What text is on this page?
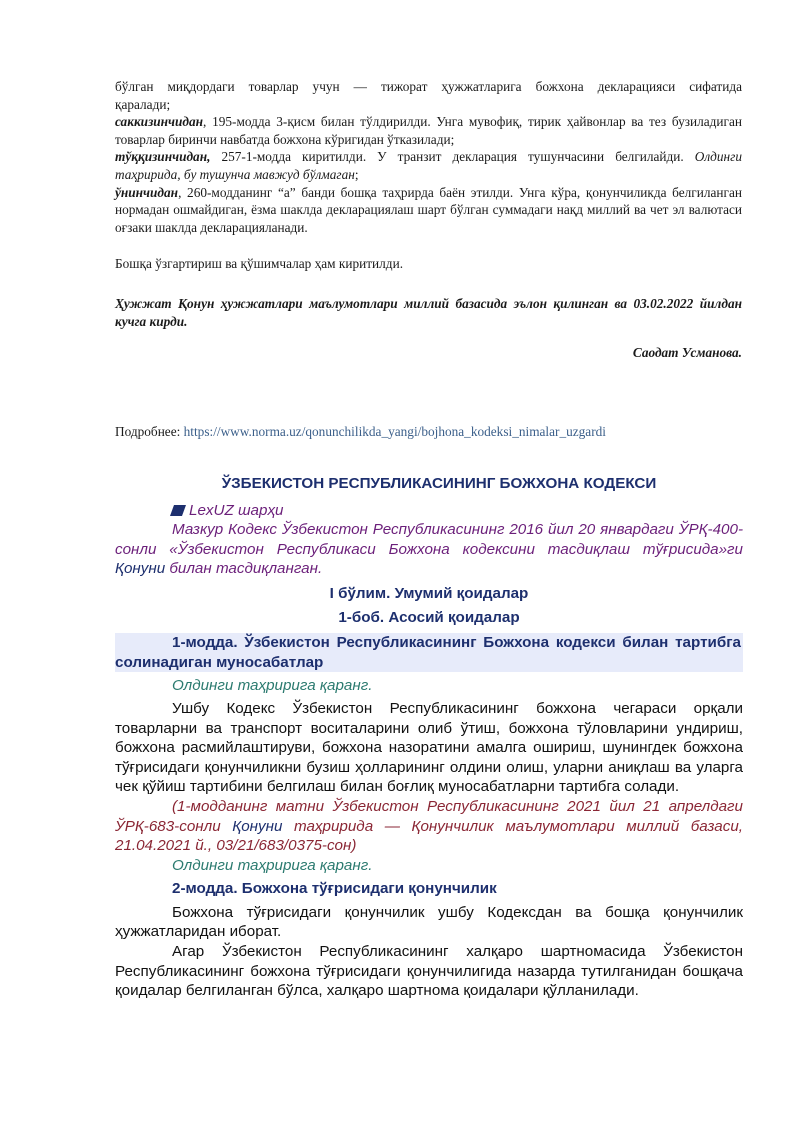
бўлган миқдордаги товарлар учун — тижорат ҳужжатларига божхона декларацияси сифатида

қаралади;

саккизинчидан, 195-модда 3-қисм билан тўлдирилди. Унга мувофиқ, тирик ҳайвонлар ва тез бузиладиган товарлар биринчи навбатда божхона кўригидан ўтказилади;

тўққизинчидан, 257-1-модда киритилди. У транзит декларация тушунчасини белгилайди. Олдинги таҳририда, бу тушунча мавжуд бўлмаган;

ўнинчидан, 260-модданинг “а” банди бошқа таҳрирда баён этилди. Унга кўра, қонунчиликда белгиланган нормадан ошмайдиган, ёзма шаклда декларациялаш шарт бўлган суммадаги нақд миллий ва чет эл валютаси оғзаки шаклда декларацияланади.

Бошқа ўзгартириш ва қўшимчалар ҳам киритилди.
Ҳужжат Қонун ҳужжатлари маълумотлари миллий базасида эълон қилинган ва 03.02.2022 йилдан кучга кирди.
Саодат Усманова.
Подробнее: https://www.norma.uz/qonunchilikda_yangi/bojhona_kodeksi_nimalar_uzgardi
ЎЗБЕКИСТОН РЕСПУБЛИКАСИНИНГ БОЖХОНА КОДЕКСИ
LexUZ шарҳи

Мазкур Кодекс Ўзбекистон Республикасининг 2016 йил 20 январдаги ЎРҚ-400-сонли «Ўзбекистон Республикаси Божхона кодексини тасдиқлаш тўғрисида»ги Қонуни билан тасдиқланган.

I бўлим. Умумий қоидалар

1-боб. Асосий қоидалар

1-модда. Ўзбекистон Республикасининг Божхона кодекси билан тартибга солинадиган муносабатлар

Олдинги таҳририга қаранг.

Ушбу Кодекс Ўзбекистон Республикасининг божхона чегараси орқали товарларни ва транспорт воситаларини олиб ўтиш, божхона тўловларини ундириш, божхона расмийлаштируви, божхона назоратини амалга ошириш, шунингдек божхона тўғрисидаги қонунчиликни бузиш ҳолларининг олдини олиш, уларни аниқлаш ва уларга чек қўйиш тартибини белгилаш билан боғлиқ муносабатларни тартибга солади.

(1-модданинг матни Ўзбекистон Республикасининг 2021 йил 21 апрелдаги ЎРҚ-683-сонли Қонуни таҳририда — Қонунчилик маълумотлари миллий базаси, 21.04.2021 й., 03/21/683/0375-сон)

Олдинги таҳририга қаранг.

2-модда. Божхона тўғрисидаги қонунчилик

Божхона тўғрисидаги қонунчилик ушбу Кодексдан ва бошқа қонунчилик ҳужжатларидан иборат.

Агар Ўзбекистон Республикасининг халқаро шартномасида Ўзбекистон Республикасининг божхона тўғрисидаги қонунчилигида назарда тутилганидан бошқача қоидалар белгиланган бўлса, халқаро шартнома қоидалари қўлланилади.
